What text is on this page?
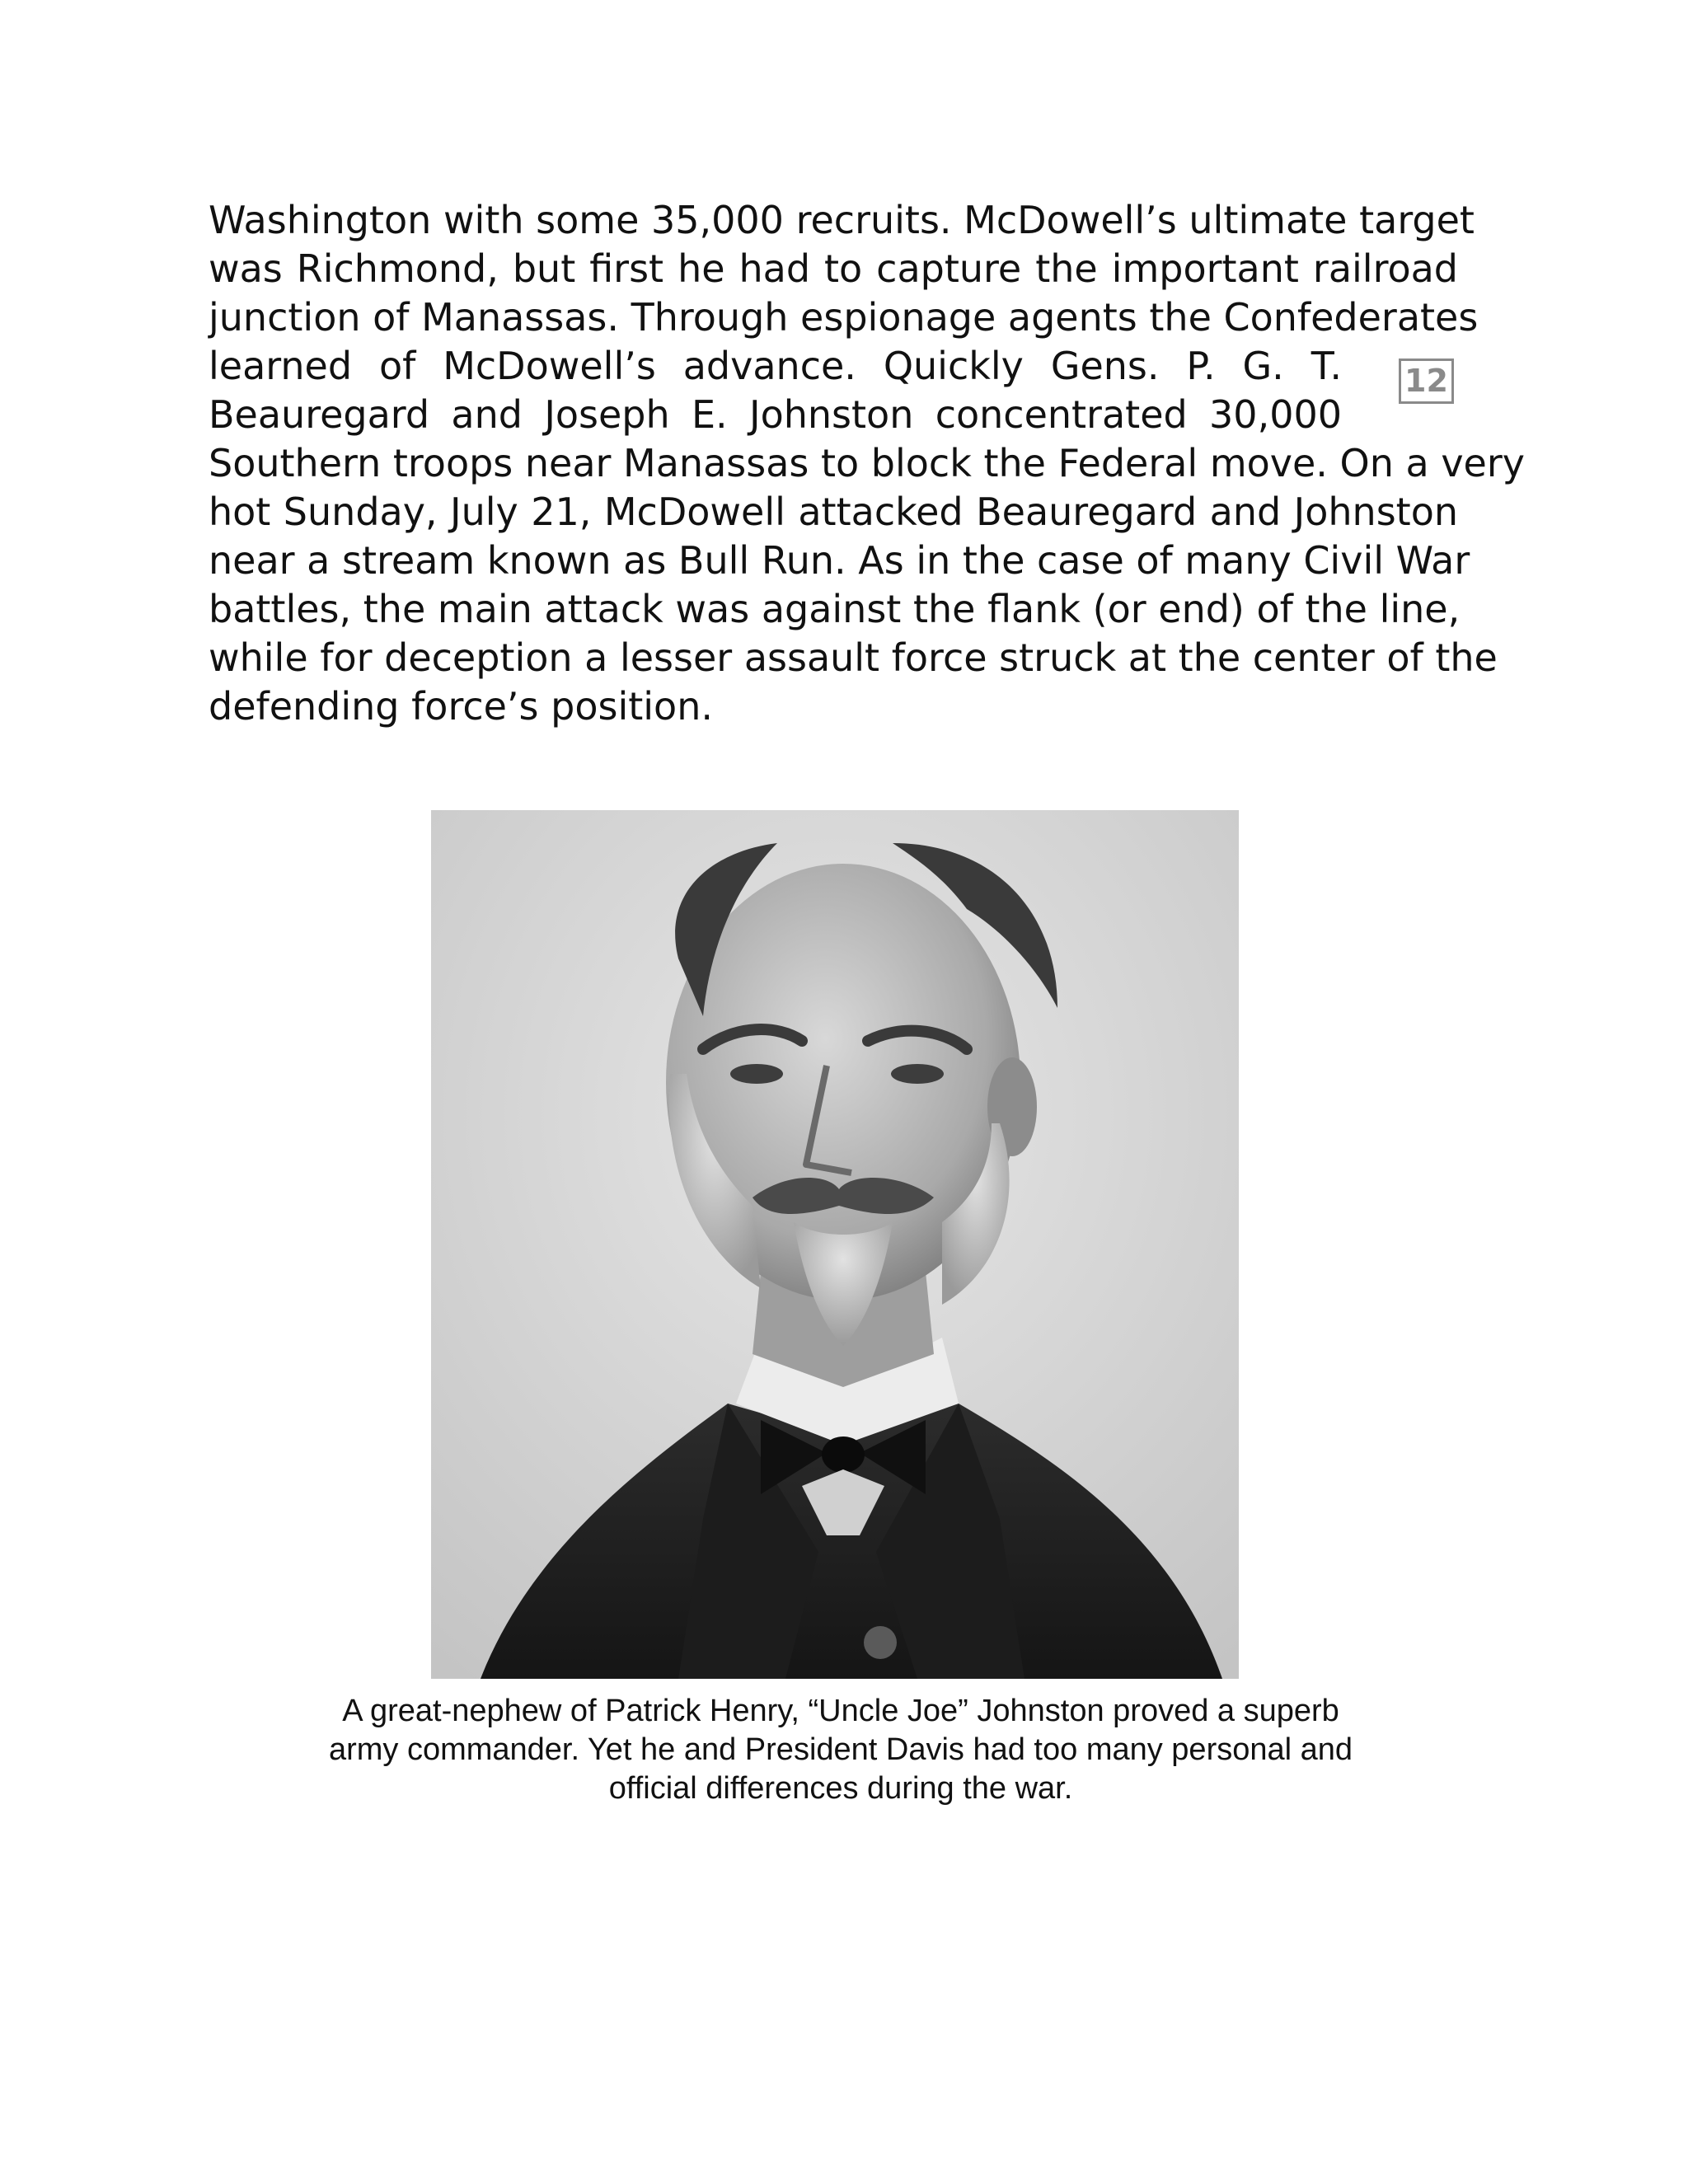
Washington with some 35,000 recruits. McDowell’s ultimate target
was Richmond, but first he had to capture the important railroad
junction of Manassas. Through espionage agents the Confederates
learned of McDowell’s advance. Quickly Gens. P. G. T.
Beauregard and Joseph E. Johnston concentrated 30,000
Southern troops near Manassas to block the Federal move. On a very
hot Sunday, July 21, McDowell attacked Beauregard and Johnston
near a stream known as Bull Run. As in the case of many Civil War
battles, the main attack was against the flank (or end) of the line,
while for deception a lesser assault force struck at the center of the
defending force’s position.
12
A great-nephew of Patrick Henry, “Uncle Joe” Johnston proved a superb
army commander. Yet he and President Davis had too many personal and
official differences during the war.
